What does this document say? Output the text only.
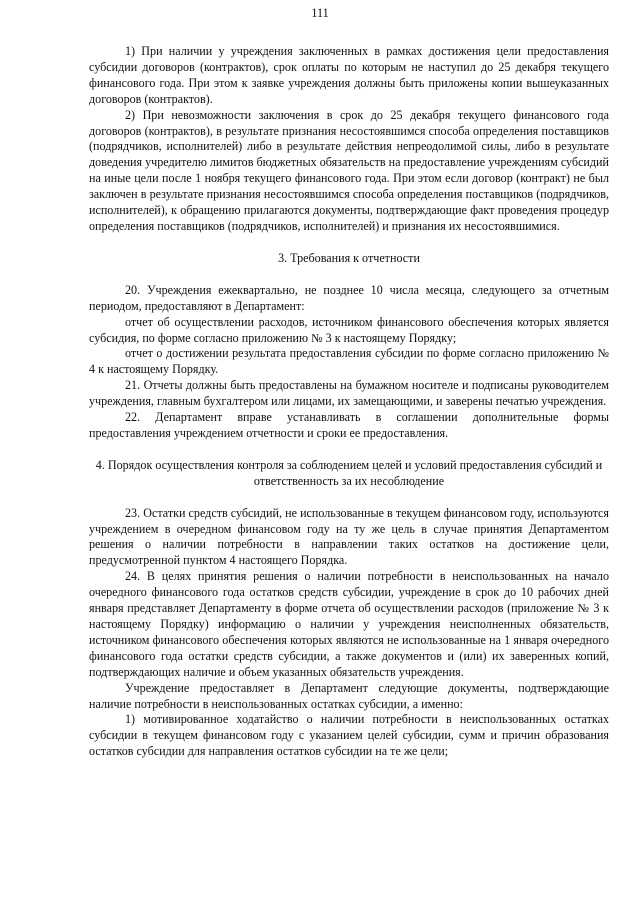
111

1) При наличии у учреждения заключенных в рамках достижения цели предоставления субсидии договоров (контрактов), срок оплаты по которым не наступил до 25 декабря текущего финансового года. При этом к заявке учреждения должны быть приложены копии вышеуказанных договоров (контрактов).

2) При невозможности заключения в срок до 25 декабря текущего финансового года договоров (контрактов), в результате признания несостоявшимся способа определения поставщиков (подрядчиков, исполнителей) либо в результате действия непреодолимой силы, либо в результате доведения учредителю лимитов бюджетных обязательств на предоставление учреждениям субсидий на иные цели после 1 ноября текущего финансового года. При этом если договор (контракт) не был заключен в результате признания несостоявшимся способа определения поставщиков (подрядчиков, исполнителей), к обращению прилагаются документы, подтверждающие факт проведения процедур определения поставщиков (подрядчиков, исполнителей) и признания их несостоявшимися.

3. Требования к отчетности

20. Учреждения ежеквартально, не позднее 10 числа месяца, следующего за отчетным периодом, предоставляют в Департамент:

отчет об осуществлении расходов, источником финансового обеспечения которых является субсидия, по форме согласно приложению № 3 к настоящему Порядку;

отчет о достижении результата предоставления субсидии по форме согласно приложению № 4 к настоящему Порядку.

21. Отчеты должны быть предоставлены на бумажном носителе и подписаны руководителем учреждения, главным бухгалтером или лицами, их замещающими, и заверены печатью учреждения.

22. Департамент вправе устанавливать в соглашении дополнительные формы предоставления учреждением отчетности и сроки ее предоставления.

4. Порядок осуществления контроля за соблюдением целей и условий предоставления субсидий и ответственность за их несоблюдение

23. Остатки средств субсидий, не использованные в текущем финансовом году, используются учреждением в очередном финансовом году на ту же цель в случае принятия Департаментом решения о наличии потребности в направлении таких остатков на достижение цели, предусмотренной пунктом 4 настоящего Порядка.

24. В целях принятия решения о наличии потребности в неиспользованных на начало очередного финансового года остатков средств субсидии, учреждение в срок до 10 рабочих дней января представляет Департаменту в форме отчета об осуществлении расходов (приложение № 3 к настоящему Порядку) информацию о наличии у учреждения неисполненных обязательств, источником финансового обеспечения которых являются не использованные на 1 января очередного финансового года остатки средств субсидии, а также документов и (или) их заверенных копий, подтверждающих наличие и объем указанных обязательств учреждения.

Учреждение предоставляет в Департамент следующие документы, подтверждающие наличие потребности в неиспользованных остатках субсидии, а именно:

1) мотивированное ходатайство о наличии потребности в неиспользованных остатках субсидии в текущем финансовом году с указанием целей субсидии, сумм и причин образования остатков субсидии для направления остатков субсидии на те же цели;
